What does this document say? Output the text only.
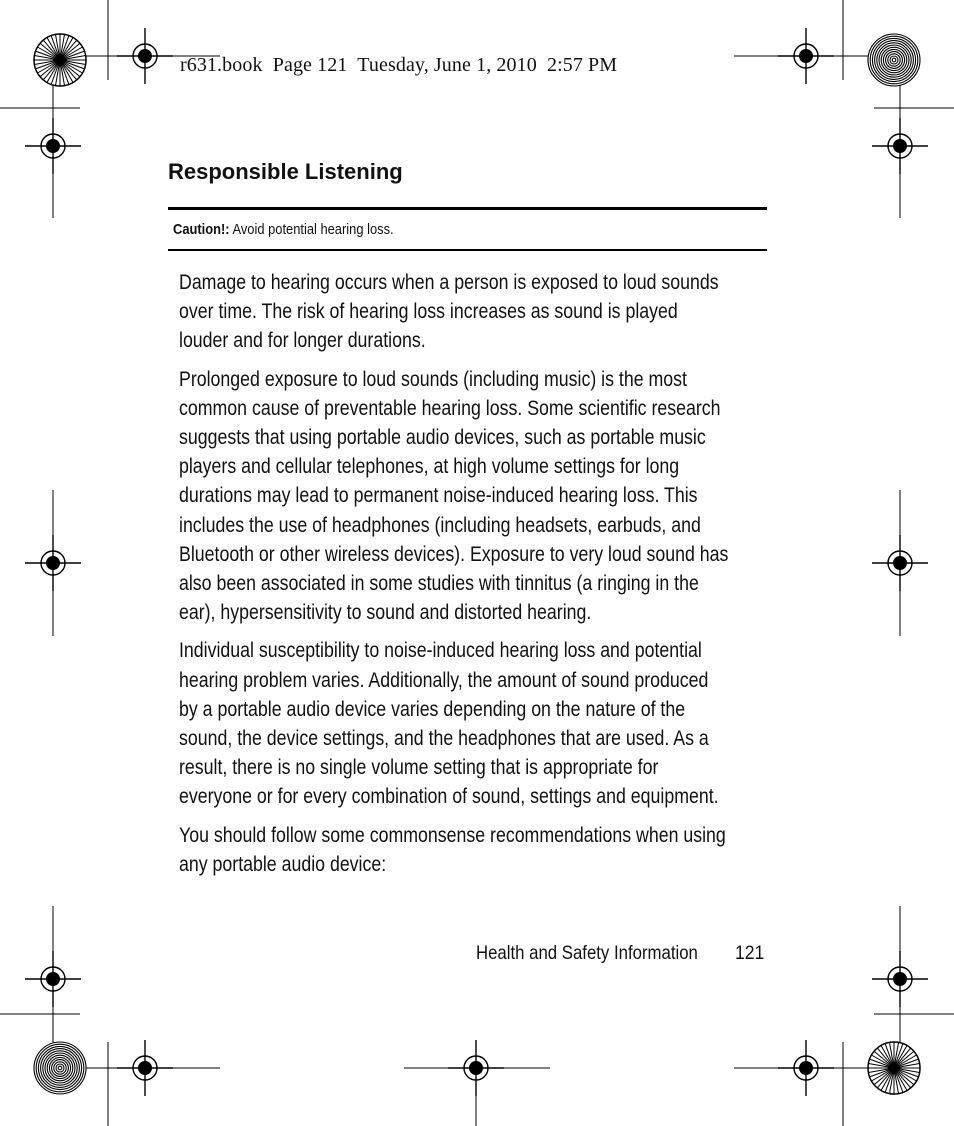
r631.book  Page 121  Tuesday, June 1, 2010  2:57 PM
Responsible Listening
Caution!: Avoid potential hearing loss.

Damage to hearing occurs when a person is exposed to loud sounds
over time. The risk of hearing loss increases as sound is played
louder and for longer durations.

Prolonged exposure to loud sounds (including music) is the most
common cause of preventable hearing loss. Some scientific research
suggests that using portable audio devices, such as portable music
players and cellular telephones, at high volume settings for long
durations may lead to permanent noise-induced hearing loss. This
includes the use of headphones (including headsets, earbuds, and
Bluetooth or other wireless devices). Exposure to very loud sound has
also been associated in some studies with tinnitus (a ringing in the
ear), hypersensitivity to sound and distorted hearing.

Individual susceptibility to noise-induced hearing loss and potential
hearing problem varies. Additionally, the amount of sound produced
by a portable audio device varies depending on the nature of the
sound, the device settings, and the headphones that are used. As a
result, there is no single volume setting that is appropriate for
everyone or for every combination of sound, settings and equipment.

You should follow some commonsense recommendations when using
any portable audio device:

Health and Safety Information 121
